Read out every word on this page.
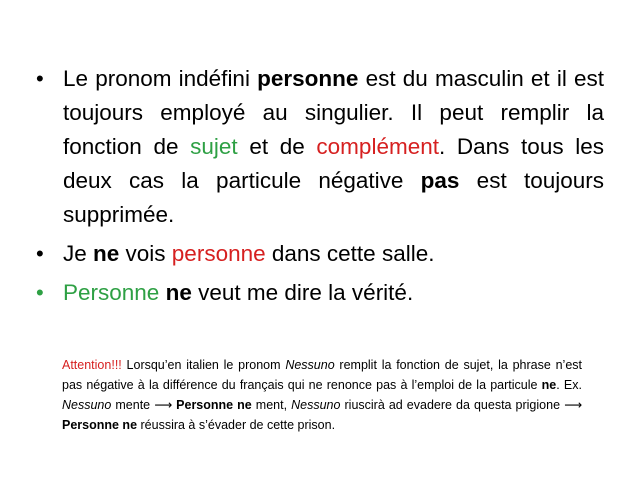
• Le pronom indéfini personne est du masculin et il est toujours employé au singulier. Il peut remplir la fonction de sujet et de complément. Dans tous les deux cas la particule négative pas est toujours supprimée.
• Je ne vois personne dans cette salle.
• Personne ne veut me dire la vérité.
Attention!!! Lorsqu’en italien le pronom Nessuno remplit la fonction de sujet, la phrase n’est pas négative à la différence du français qui ne renonce pas à l’emploi de la particule ne. Ex. Nessuno mente ⟶ Personne ne ment, Nessuno riuscirà ad evadere da questa prigione ⟶ Personne ne réussira à s’évader de cette prison.
